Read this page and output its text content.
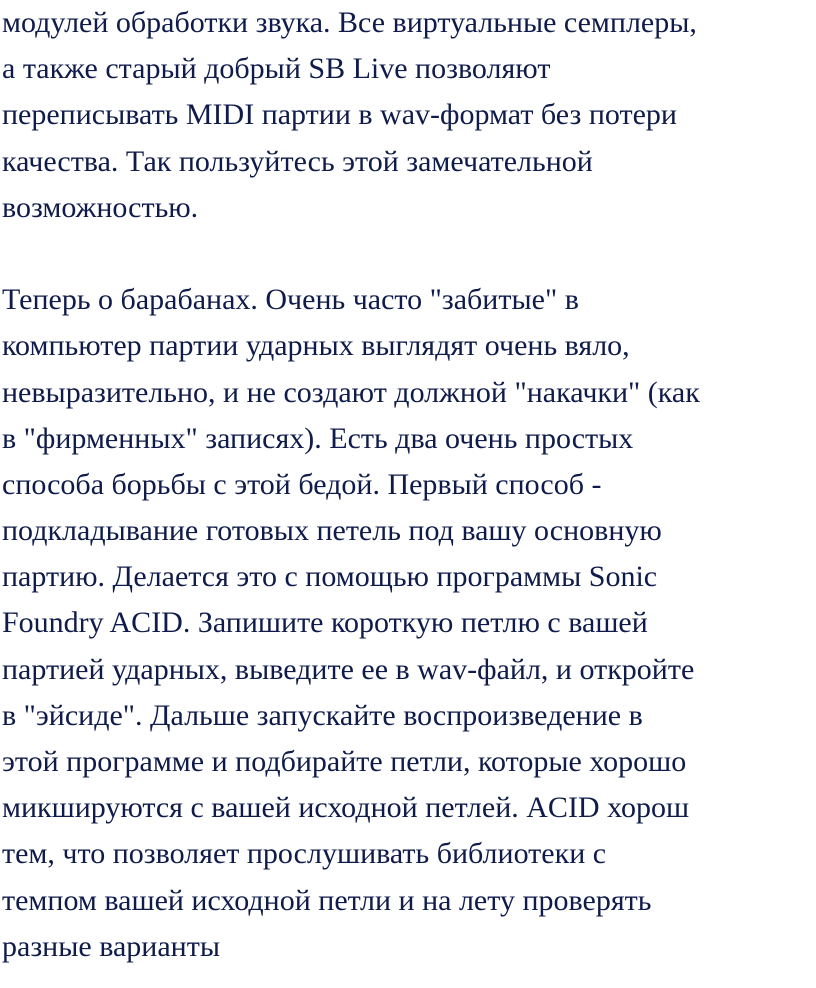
модулей обработки звука. Все виртуальные семплеры,
а также старый добрый SB Live позволяют
переписывать MIDI партии в wav-формат без потери
качества. Так пользуйтесь этой замечательной
возможностью.
Теперь о барабанах. Очень часто "забитые" в
компьютер партии ударных выглядят очень вяло,
невыразительно, и не создают должной "накачки" (как
в "фирменных" записях). Есть два очень простых
способа борьбы с этой бедой. Первый способ -
подкладывание готовых петель под вашу основную
партию. Делается это с помощью программы Sonic
Foundry ACID. Запишите короткую петлю с вашей
партией ударных, выведите ее в wav-файл, и откройте
в "эйсиде". Дальше запускайте воспроизведение в
этой программе и подбирайте петли, которые хорошо
микшируются с вашей исходной петлей. ACID хорош
тем, что позволяет прослушивать библиотеки с
темпом вашей исходной петли и на лету проверять
разные варианты
